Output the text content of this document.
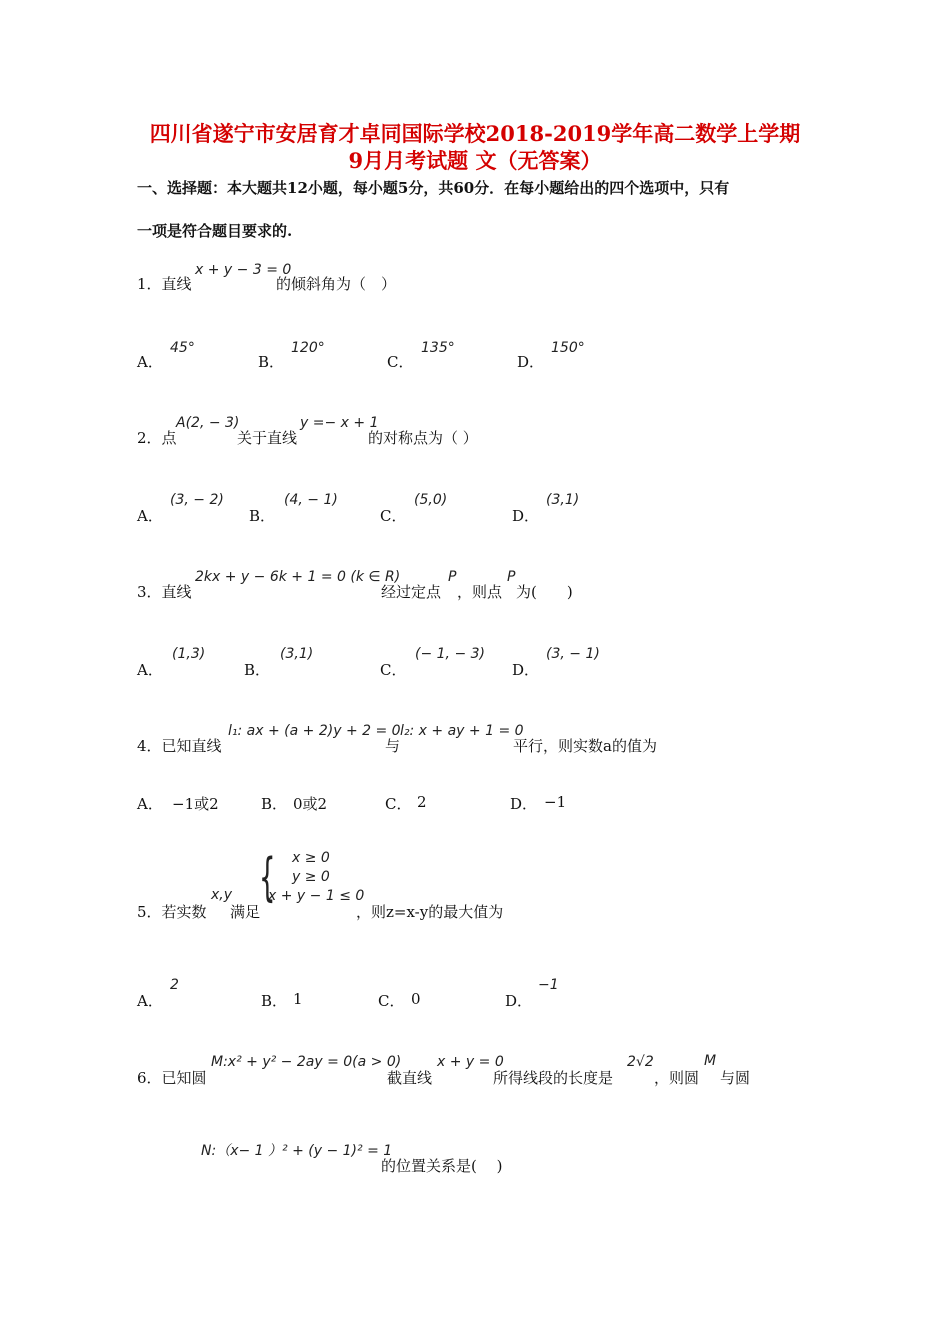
四川省遂宁市安居育才卓同国际学校2018-2019学年高二数学上学期
9月月考试题 文（无答案）
一、选择题：本大题共12小题，每小题5分，共60分．在每小题给出的四个选项中，只有
一项是符合题目要求的.
1．直线
x + y − 3 = 0
的倾斜角为（　）
A．
45°
B．
120°
C．
135°
D．
150°
2．点
A(2, − 3)
关于直线
y =− x + 1
的对称点为（ ）
A．
(3, − 2)
B．
(4, − 1)
C．
(5,0)
D．
(3,1)
3．直线
2kx + y − 6k + 1 = 0 (k ∈ R)
经过定点
P
，则点
P
为(　　)
A．
(1,3)
B．
(3,1)
C．
(− 1, − 3)
D．
(3, − 1)
4．已知直线
l₁: ax + (a + 2)y + 2 = 0
与
l₂: x + ay + 1 = 0
平行，则实数a的值为
A． −1或2	B． 0或2	C． 2	D． −1
5．若实数
x,y
满足
{ x ≥ 0
y ≥ 0
x + y − 1 ≤ 0
，则z=x-y的最大值为
A．
2
B． 1	C． 0	D．
−1
6．已知圆
M:x² + y² − 2ay = 0(a > 0)
截直线
x + y = 0
所得线段的长度是
2√2
，则圆
M
与圆
N:（x− 1 ）² + (y − 1)² = 1
的位置关系是(　 )
